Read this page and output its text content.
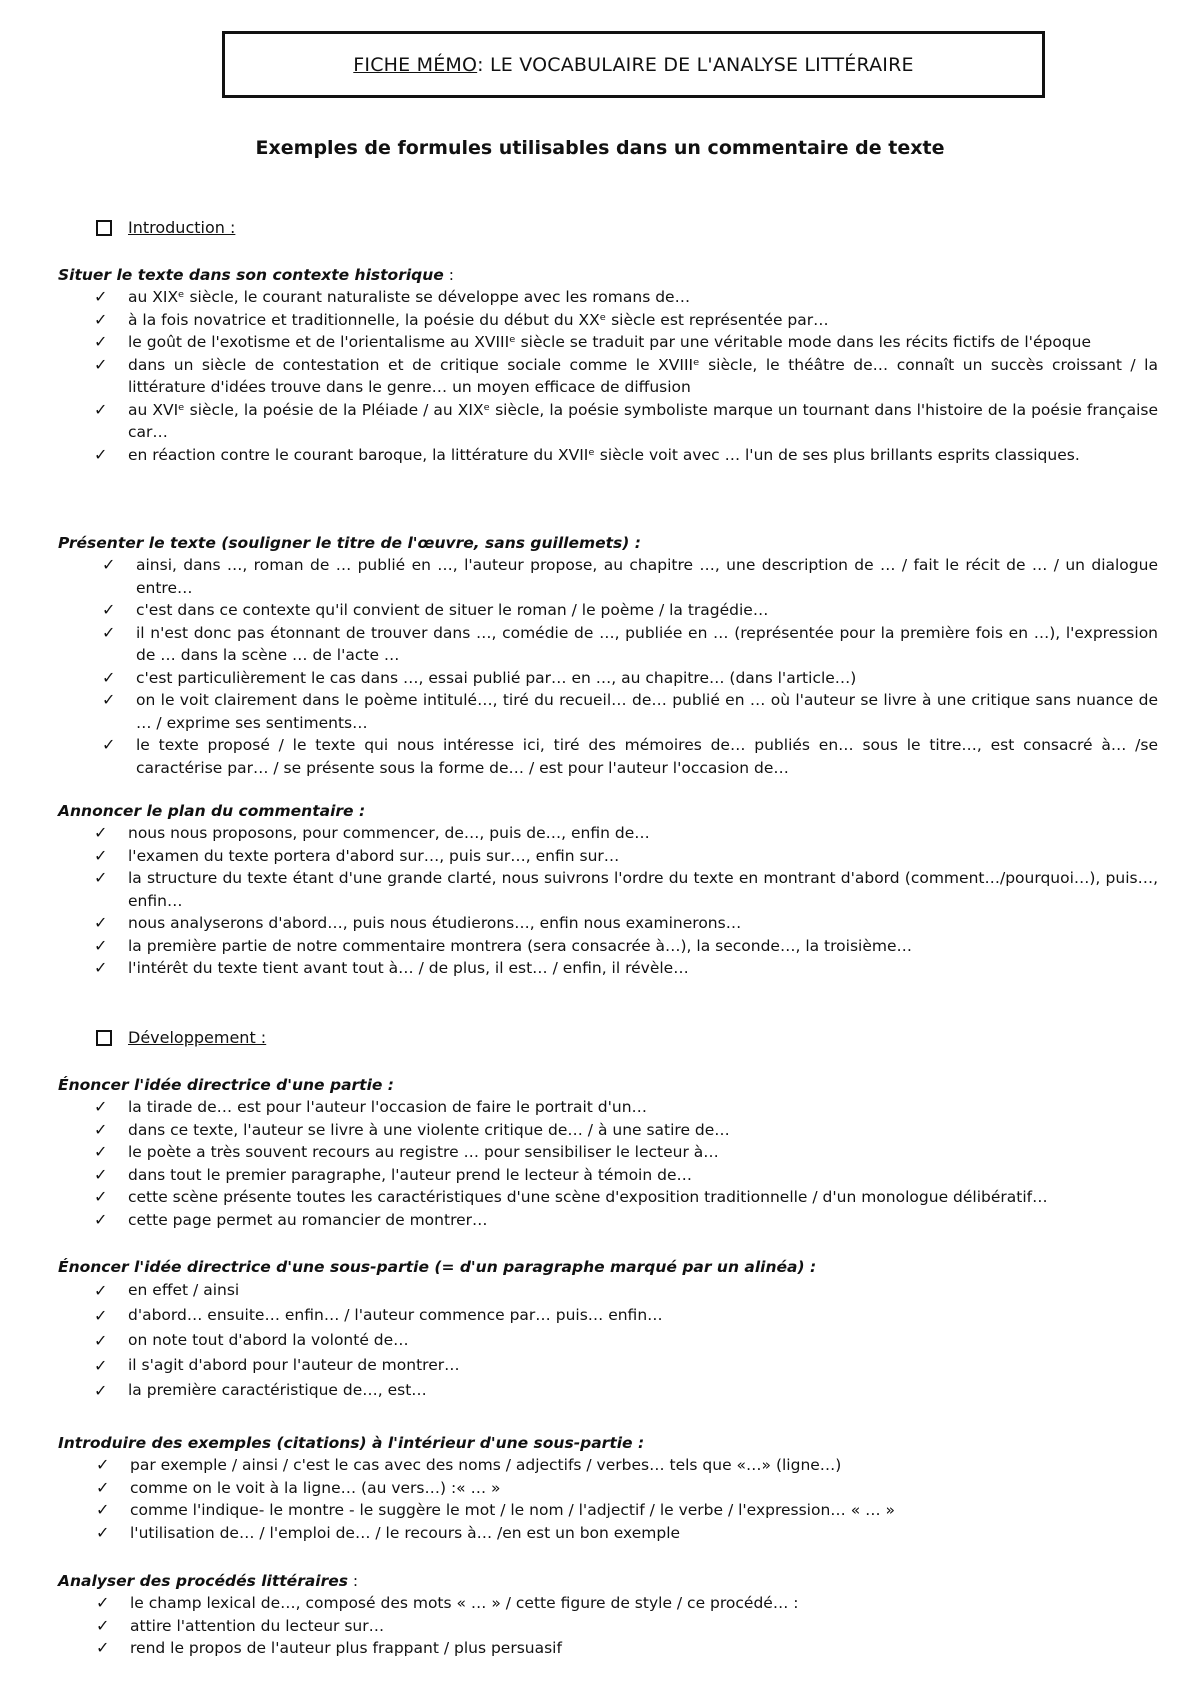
FICHE MÉMO : LE VOCABULAIRE DE L'ANALYSE LITTÉRAIRE
Exemples de formules utilisables dans un commentaire de texte
Introduction :
Situer le texte dans son contexte historique :
✓ au XIXᵉ siècle, le courant naturaliste se développe avec les romans de…
✓ à la fois novatrice et traditionnelle, la poésie du début du XXᵉ siècle est représentée par…
✓ le goût de l'exotisme et de l'orientalisme au XVIIIᵉ siècle se traduit par une véritable mode dans les récits fictifs de l'époque
✓ dans un siècle de contestation et de critique sociale comme le XVIIIᵉ siècle, le théâtre de… connaît un succès croissant / la littérature d'idées trouve dans le genre… un moyen efficace de diffusion
✓ au XVIᵉ siècle, la poésie de la Pléiade / au XIXᵉ siècle, la poésie symboliste marque un tournant dans l'histoire de la poésie française car…
✓ en réaction contre le courant baroque, la littérature du XVIIᵉ siècle voit avec … l'un de ses plus brillants esprits classiques.
Présenter le texte (souligner le titre de l'œuvre, sans guillemets) :
✓ ainsi, dans …, roman de … publié en …, l'auteur propose, au chapitre …, une description de … / fait le récit de … / un dialogue entre…
✓ c'est dans ce contexte qu'il convient de situer le roman / le poème / la tragédie…
✓ il n'est donc pas étonnant de trouver dans …, comédie de …, publiée en … (représentée pour la première fois en …), l'expression de … dans la scène … de l'acte …
✓ c'est particulièrement le cas dans …, essai publié par… en …, au chapitre… (dans l'article…)
✓ on le voit clairement dans le poème intitulé…, tiré du recueil… de… publié en … où l'auteur se livre à une critique sans nuance de … / exprime ses sentiments…
✓ le texte proposé / le texte qui nous intéresse ici, tiré des mémoires de… publiés en… sous le titre…, est consacré à… /se caractérise par… / se présente sous la forme de… / est pour l'auteur l'occasion de…
Annoncer le plan du commentaire :
✓ nous nous proposons, pour commencer, de…, puis de…, enfin de…
✓ l'examen du texte portera d'abord sur…, puis sur…, enfin sur…
✓ la structure du texte étant d'une grande clarté, nous suivrons l'ordre du texte en montrant d'abord (comment…/pourquoi…), puis…, enfin…
✓ nous analyserons d'abord…, puis nous étudierons…, enfin nous examinerons…
✓ la première partie de notre commentaire montrera (sera consacrée à…), la seconde…, la troisième…
✓ l'intérêt du texte tient avant tout à… / de plus, il est… / enfin, il révèle…
Développement :
Énoncer l'idée directrice d'une partie :
✓ la tirade de… est pour l'auteur l'occasion de faire le portrait d'un…
✓ dans ce texte, l'auteur se livre à une violente critique de… / à une satire de…
✓ le poète a très souvent recours au registre … pour sensibiliser le lecteur à…
✓ dans tout le premier paragraphe, l'auteur prend le lecteur à témoin de…
✓ cette scène présente toutes les caractéristiques d'une scène d'exposition traditionnelle / d'un monologue délibératif…
✓ cette page permet au romancier de montrer…
Énoncer l'idée directrice d'une sous-partie (= d'un paragraphe marqué par un alinéa) :
✓ en effet / ainsi
✓ d'abord… ensuite… enfin… / l'auteur commence par… puis… enfin…
✓ on note tout d'abord la volonté de…
✓ il s'agit d'abord pour l'auteur de montrer…
✓ la première caractéristique de…, est…
Introduire des exemples (citations) à l'intérieur d'une sous-partie :
✓ par exemple / ainsi / c'est le cas avec des noms / adjectifs / verbes… tels que «…» (ligne…)
✓ comme on le voit à la ligne… (au vers…) :« … »
✓ comme l'indique- le montre - le suggère le mot / le nom / l'adjectif / le verbe / l'expression… « … »
✓ l'utilisation de… / l'emploi de… / le recours à… /en est un bon exemple
Analyser des procédés littéraires :
✓ le champ lexical de…, composé des mots « … » / cette figure de style / ce procédé… :
✓ attire l'attention du lecteur sur…
✓ rend le propos de l'auteur plus frappant / plus persuasif
